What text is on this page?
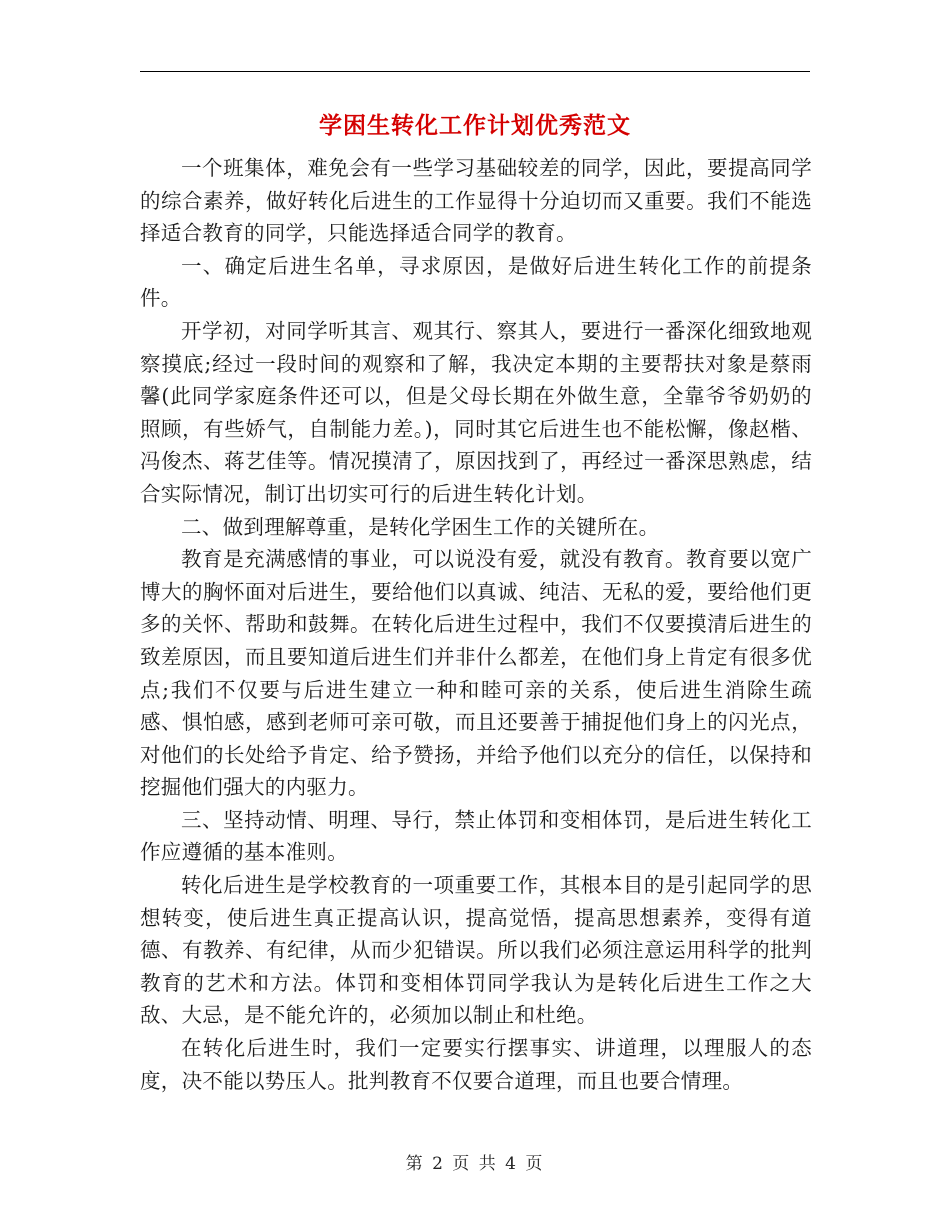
学困生转化工作计划优秀范文

一个班集体，难免会有一些学习基础较差的同学，因此，要提高同学的综合素养，做好转化后进生的工作显得十分迫切而又重要。我们不能选择适合教育的同学，只能选择适合同学的教育。

一、确定后进生名单，寻求原因，是做好后进生转化工作的前提条件。

开学初，对同学听其言、观其行、察其人，要进行一番深化细致地观察摸底;经过一段时间的观察和了解，我决定本期的主要帮扶对象是蔡雨馨(此同学家庭条件还可以，但是父母长期在外做生意，全靠爷爷奶奶的照顾，有些娇气，自制能力差。)，同时其它后进生也不能松懈，像赵楷、冯俊杰、蒋艺佳等。情况摸清了，原因找到了，再经过一番深思熟虑，结合实际情况，制订出切实可行的后进生转化计划。

二、做到理解尊重，是转化学困生工作的关键所在。

教育是充满感情的事业，可以说没有爱，就没有教育。教育要以宽广博大的胸怀面对后进生，要给他们以真诚、纯洁、无私的爱，要给他们更多的关怀、帮助和鼓舞。在转化后进生过程中，我们不仅要摸清后进生的致差原因，而且要知道后进生们并非什么都差，在他们身上肯定有很多优点;我们不仅要与后进生建立一种和睦可亲的关系，使后进生消除生疏感、惧怕感，感到老师可亲可敬，而且还要善于捕捉他们身上的闪光点，对他们的长处给予肯定、给予赞扬，并给予他们以充分的信任，以保持和挖掘他们强大的内驱力。

三、坚持动情、明理、导行，禁止体罚和变相体罚，是后进生转化工作应遵循的基本准则。

转化后进生是学校教育的一项重要工作，其根本目的是引起同学的思想转变，使后进生真正提高认识，提高觉悟，提高思想素养，变得有道德、有教养、有纪律，从而少犯错误。所以我们必须注意运用科学的批判教育的艺术和方法。体罚和变相体罚同学我认为是转化后进生工作之大敌、大忌，是不能允许的，必须加以制止和杜绝。

在转化后进生时，我们一定要实行摆事实、讲道理，以理服人的态度，决不能以势压人。批判教育不仅要合道理，而且也要合情理。

第 2 页 共 4 页
